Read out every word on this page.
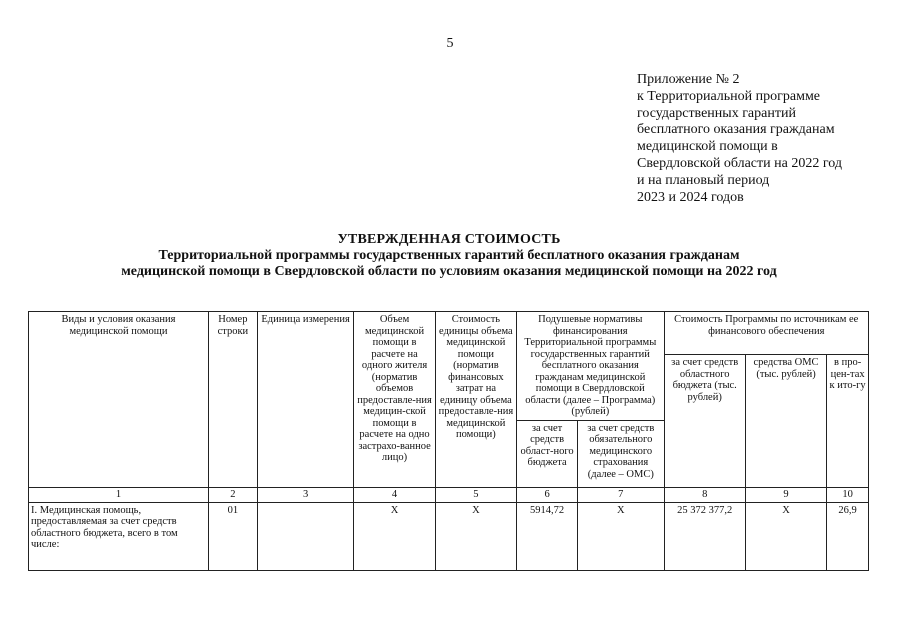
5
Приложение № 2
к Территориальной программе
государственных гарантий
бесплатного оказания гражданам
медицинской помощи в
Свердловской области на 2022 год
и на плановый период
2023 и 2024 годов
УТВЕРЖДЕННАЯ СТОИМОСТЬ
Территориальной программы государственных гарантий бесплатного оказания гражданам
медицинской помощи в Свердловской области по условиям оказания медицинской помощи на 2022 год
Виды и условия оказания медицинской помощи	Номер строки	Единица измерения	Объем медицинской помощи в расчете на одного жителя (норматив объемов предоставле-ния медицин-ской помощи в расчете на одно застрахо-ванное лицо)	Стоимость единицы объема медицинской помощи (норматив финансовых затрат на единицу объема предоставле-ния медицинской помощи)	Подушевые нормативы финансирования Территориальной программы государственных гарантий бесплатного оказания гражданам медицинской помощи в Свердловской области (далее – Программа) (рублей)		Стоимость Программы по источникам ее финансового обеспечения		
							за счет средств областного бюджета (тыс. рублей)	средства ОМС (тыс. рублей)	в про-цен-тах к ито-гу
					за счет средств област-ного бюджета	за счет средств обязательного медицинского страхования (далее – ОМС)			
1	2	3	4	5	6	7	8	9	10
I. Медицинская помощь, предоставляемая за счет средств областного бюджета, всего в том числе:	01		Х	Х	5914,72	Х	25 372 377,2	Х	26,9
